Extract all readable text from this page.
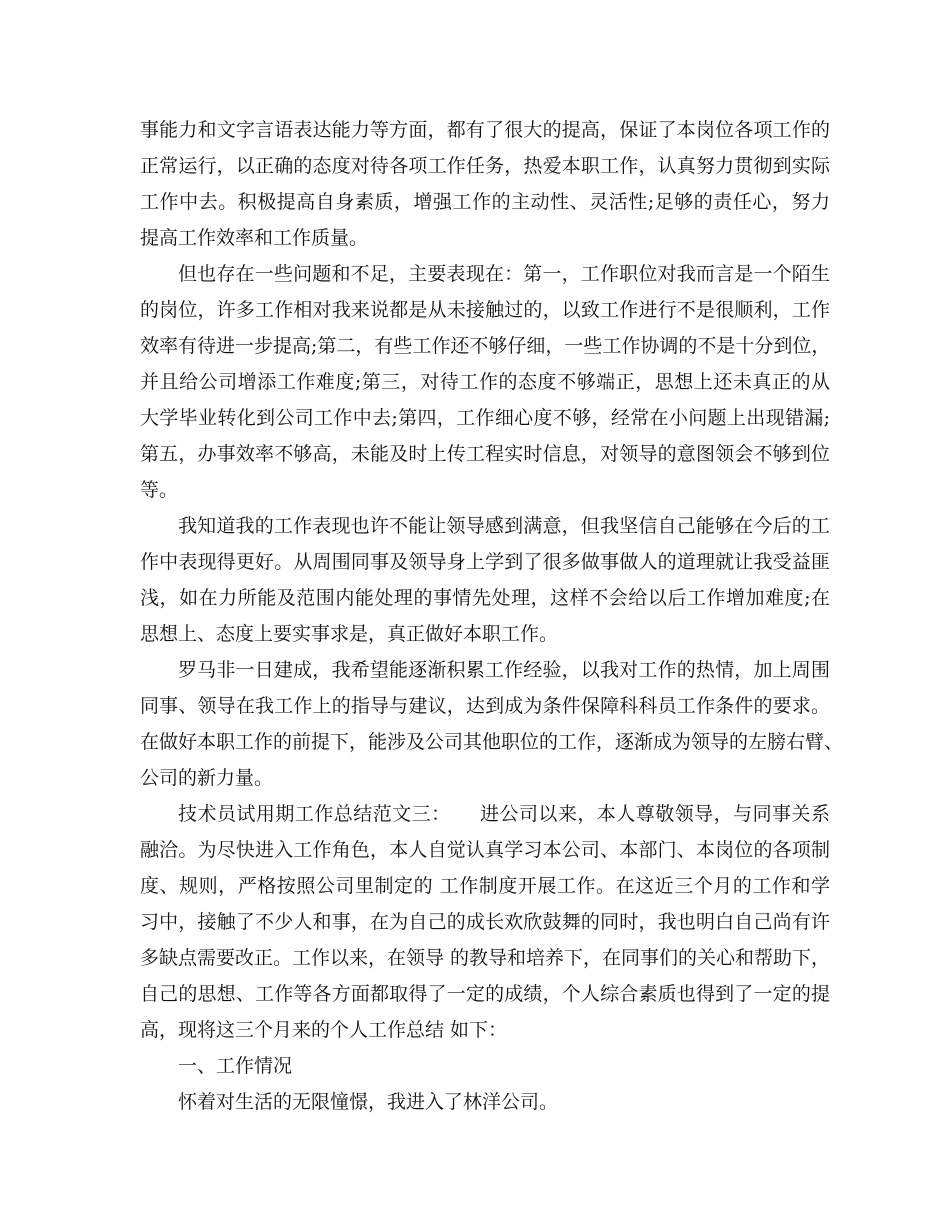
事能力和文字言语表达能力等方面，都有了很大的提高，保证了本岗位各项工作的
正常运行，以正确的态度对待各项工作任务，热爱本职工作，认真努力贯彻到实际
工作中去。积极提高自身素质，增强工作的主动性、灵活性;足够的责任心，努力
提高工作效率和工作质量。
但也存在一些问题和不足，主要表现在：第一，工作职位对我而言是一个陌生
的岗位，许多工作相对我来说都是从未接触过的，以致工作进行不是很顺利，工作
效率有待进一步提高;第二，有些工作还不够仔细，一些工作协调的不是十分到位，
并且给公司增添工作难度;第三，对待工作的态度不够端正，思想上还未真正的从
大学毕业转化到公司工作中去;第四，工作细心度不够，经常在小问题上出现错漏;
第五，办事效率不够高，未能及时上传工程实时信息，对领导的意图领会不够到位
等。
我知道我的工作表现也许不能让领导感到满意，但我坚信自己能够在今后的工
作中表现得更好。从周围同事及领导身上学到了很多做事做人的道理就让我受益匪
浅，如在力所能及范围内能处理的事情先处理，这样不会给以后工作增加难度;在
思想上、态度上要实事求是，真正做好本职工作。
罗马非一日建成，我希望能逐渐积累工作经验，以我对工作的热情，加上周围
同事、领导在我工作上的指导与建议，达到成为条件保障科科员工作条件的要求。
在做好本职工作的前提下，能涉及公司其他职位的工作，逐渐成为领导的左膀右臂、
公司的新力量。
技术员试用期工作总结范文三：　　进公司以来，本人尊敬领导，与同事关系
融洽。为尽快进入工作角色，本人自觉认真学习本公司、本部门、本岗位的各项制
度、规则，严格按照公司里制定的 工作制度开展工作。在这近三个月的工作和学
习中，接触了不少人和事，在为自己的成长欢欣鼓舞的同时，我也明白自己尚有许
多缺点需要改正。工作以来，在领导 的教导和培养下，在同事们的关心和帮助下，
自己的思想、工作等各方面都取得了一定的成绩，个人综合素质也得到了一定的提
高，现将这三个月来的个人工作总结 如下：
一、工作情况
怀着对生活的无限憧憬，我进入了林洋公司。
